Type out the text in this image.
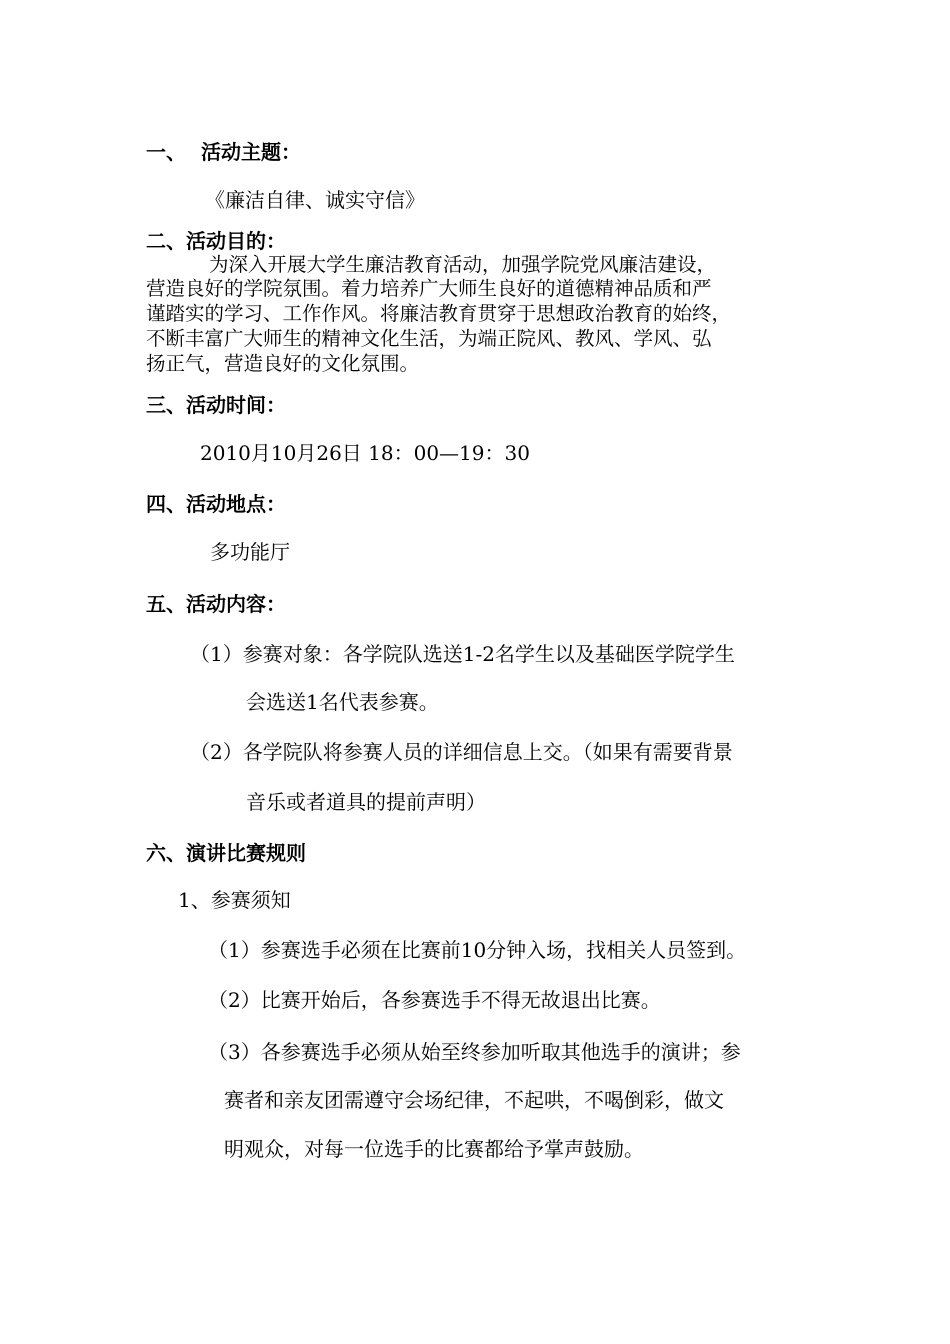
一、 活动主题：

《廉洁自律、诚实守信》

二、活动目的：

为深入开展大学生廉洁教育活动，加强学院党风廉洁建设，

营造良好的学院氛围。着力培养广大师生良好的道德精神品质和严

谨踏实的学习、工作作风。将廉洁教育贯穿于思想政治教育的始终，

不断丰富广大师生的精神文化生活，为端正院风、教风、学风、弘

扬正气，营造良好的文化氛围。

三、活动时间：

2010月10月26日 18：00—19：30

四、活动地点：

多功能厅

五、活动内容：

（1）参赛对象：各学院队选送1-2名学生以及基础医学院学生

会选送1名代表参赛。

（2）各学院队将参赛人员的详细信息上交。（如果有需要背景

音乐或者道具的提前声明）

六、演讲比赛规则

1、参赛须知

（1）参赛选手必须在比赛前10分钟入场，找相关人员签到。

（2）比赛开始后，各参赛选手不得无故退出比赛。

（3）各参赛选手必须从始至终参加听取其他选手的演讲；参

赛者和亲友团需遵守会场纪律，不起哄，不喝倒彩，做文

明观众，对每一位选手的比赛都给予掌声鼓励。
